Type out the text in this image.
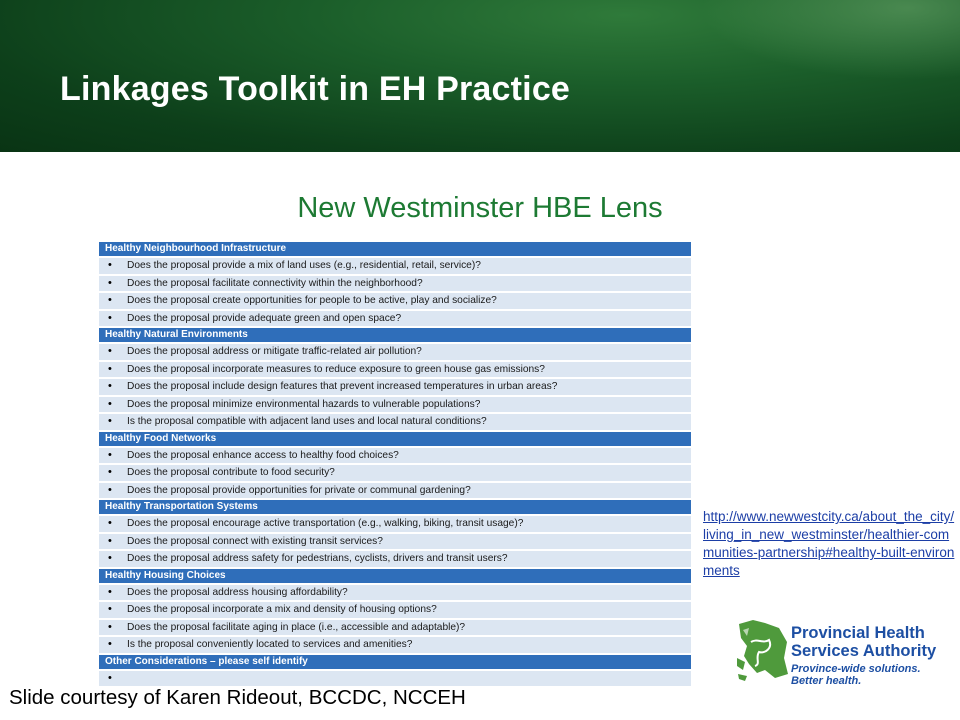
Linkages Toolkit in EH Practice
New Westminster HBE Lens
Healthy Neighbourhood Infrastructure
• Does the proposal provide a mix of land uses (e.g., residential, retail, service)?
• Does the proposal facilitate connectivity within the neighborhood?
• Does the proposal create opportunities for people to be active, play and socialize?
• Does the proposal provide adequate green and open space?
Healthy Natural Environments
• Does the proposal address or mitigate traffic-related air pollution?
• Does the proposal incorporate measures to reduce exposure to green house gas emissions?
• Does the proposal include design features that prevent increased temperatures in urban areas?
• Does the proposal minimize environmental hazards to vulnerable populations?
• Is the proposal compatible with adjacent land uses and local natural conditions?
Healthy Food Networks
• Does the proposal enhance access to healthy food choices?
• Does the proposal contribute to food security?
• Does the proposal provide opportunities for private or communal gardening?
Healthy Transportation Systems
• Does the proposal encourage active transportation (e.g., walking, biking, transit usage)?
• Does the proposal connect with existing transit services?
• Does the proposal address safety for pedestrians, cyclists, drivers and transit users?
Healthy Housing Choices
• Does the proposal address housing affordability?
• Does the proposal incorporate a mix and density of housing options?
• Does the proposal facilitate aging in place (i.e., accessible and adaptable)?
• Is the proposal conveniently located to services and amenities?
Other Considerations – please self identify
•
http://www.newwestcity.ca/about_the_city/living_in_new_westminster/healthier-communities-partnership#healthy-built-environments
Provincial Health
Services Authority
Province-wide solutions.
Better health.
Slide courtesy of Karen Rideout, BCCDC, NCCEH
